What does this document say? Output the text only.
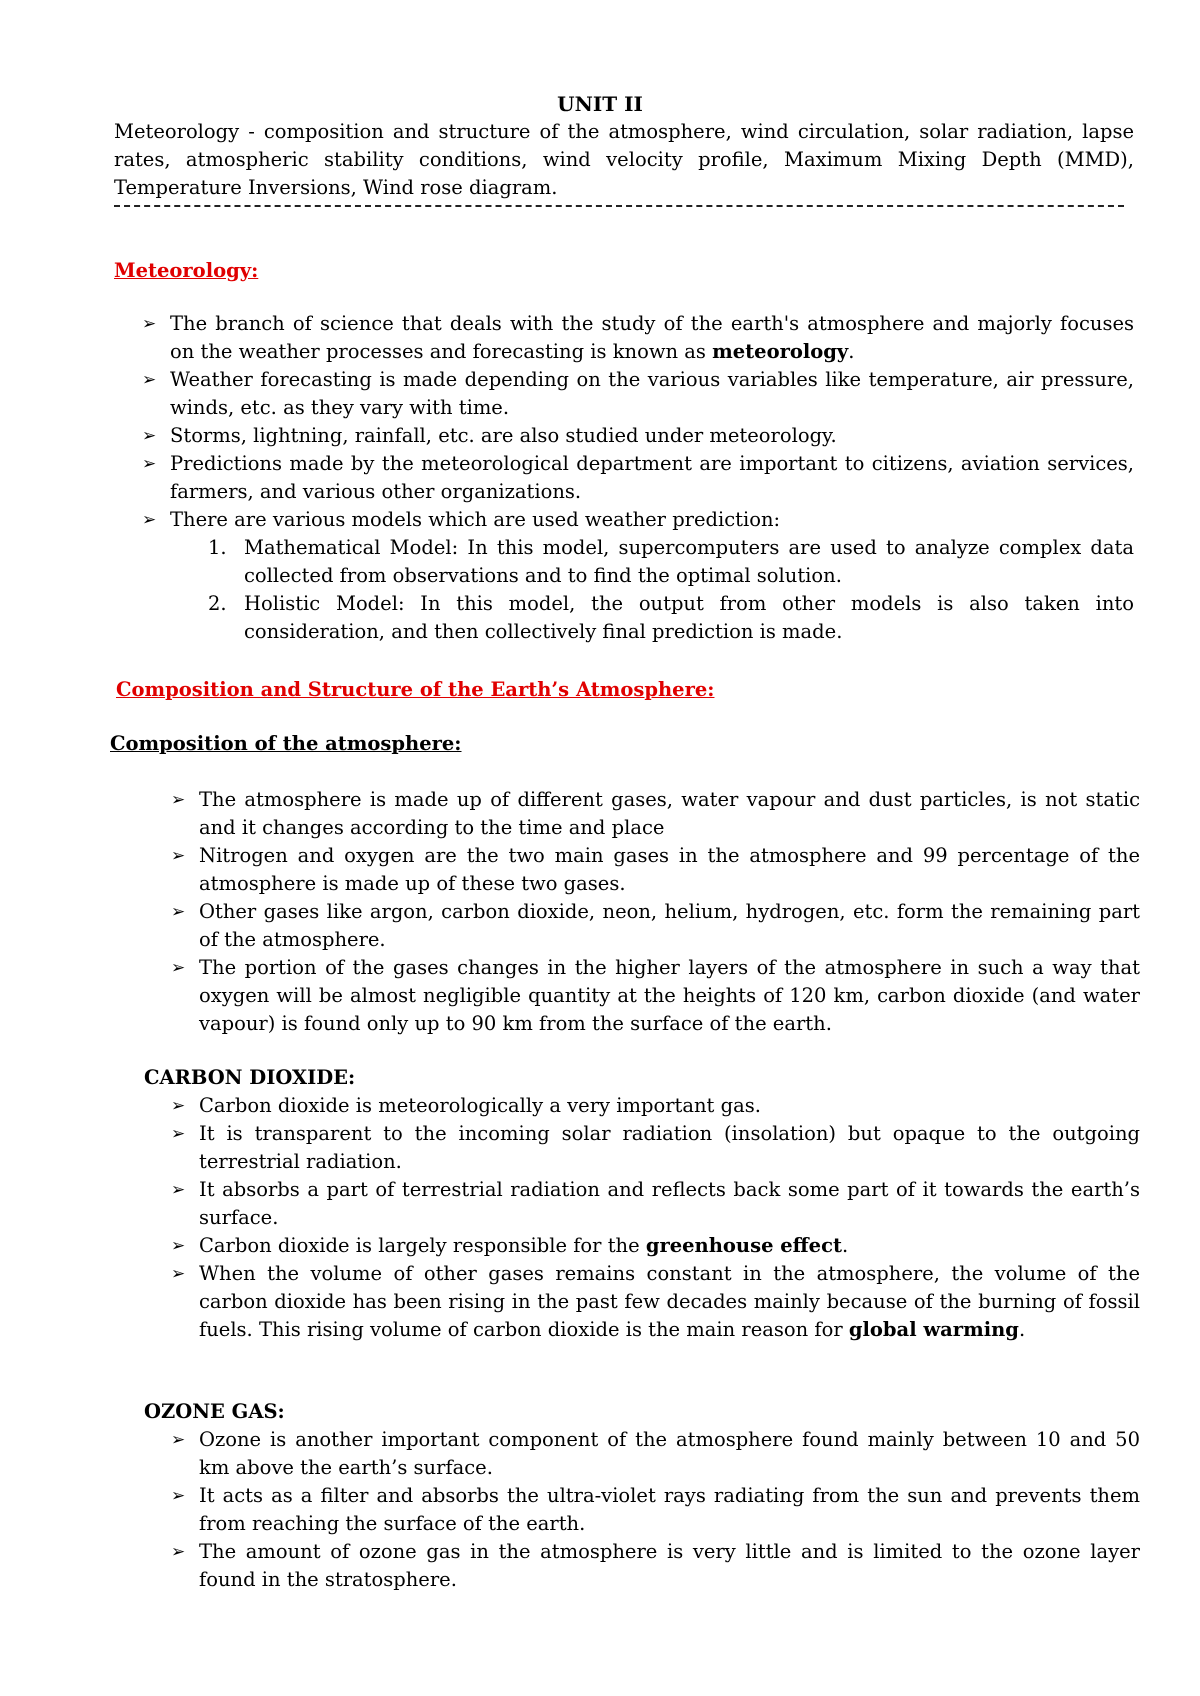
UNIT II
Meteorology - composition and structure of the atmosphere, wind circulation, solar radiation, lapse rates, atmospheric stability conditions, wind velocity profile, Maximum Mixing Depth (MMD), Temperature Inversions, Wind rose diagram.
Meteorology:
➢ The branch of science that deals with the study of the earth's atmosphere and majorly focuses on the weather processes and forecasting is known as meteorology.
➢ Weather forecasting is made depending on the various variables like temperature, air pressure, winds, etc. as they vary with time.
➢ Storms, lightning, rainfall, etc. are also studied under meteorology.
➢ Predictions made by the meteorological department are important to citizens, aviation services, farmers, and various other organizations.
➢ There are various models which are used weather prediction:
1. Mathematical Model: In this model, supercomputers are used to analyze complex data collected from observations and to find the optimal solution.
2. Holistic Model: In this model, the output from other models is also taken into consideration, and then collectively final prediction is made.
Composition and Structure of the Earth’s Atmosphere:
Composition of the atmosphere:
➢ The atmosphere is made up of different gases, water vapour and dust particles, is not static and it changes according to the time and place
➢ Nitrogen and oxygen are the two main gases in the atmosphere and 99 percentage of the atmosphere is made up of these two gases.
➢ Other gases like argon, carbon dioxide, neon, helium, hydrogen, etc. form the remaining part of the atmosphere.
➢ The portion of the gases changes in the higher layers of the atmosphere in such a way that oxygen will be almost negligible quantity at the heights of 120 km, carbon dioxide (and water vapour) is found only up to 90 km from the surface of the earth.
CARBON DIOXIDE:
➢ Carbon dioxide is meteorologically a very important gas.
➢ It is transparent to the incoming solar radiation (insolation) but opaque to the outgoing terrestrial radiation.
➢ It absorbs a part of terrestrial radiation and reflects back some part of it towards the earth’s surface.
➢ Carbon dioxide is largely responsible for the greenhouse effect.
➢ When the volume of other gases remains constant in the atmosphere, the volume of the carbon dioxide has been rising in the past few decades mainly because of the burning of fossil fuels. This rising volume of carbon dioxide is the main reason for global warming.
OZONE GAS:
➢ Ozone is another important component of the atmosphere found mainly between 10 and 50 km above the earth’s surface.
➢ It acts as a filter and absorbs the ultra-violet rays radiating from the sun and prevents them from reaching the surface of the earth.
➢ The amount of ozone gas in the atmosphere is very little and is limited to the ozone layer found in the stratosphere.
